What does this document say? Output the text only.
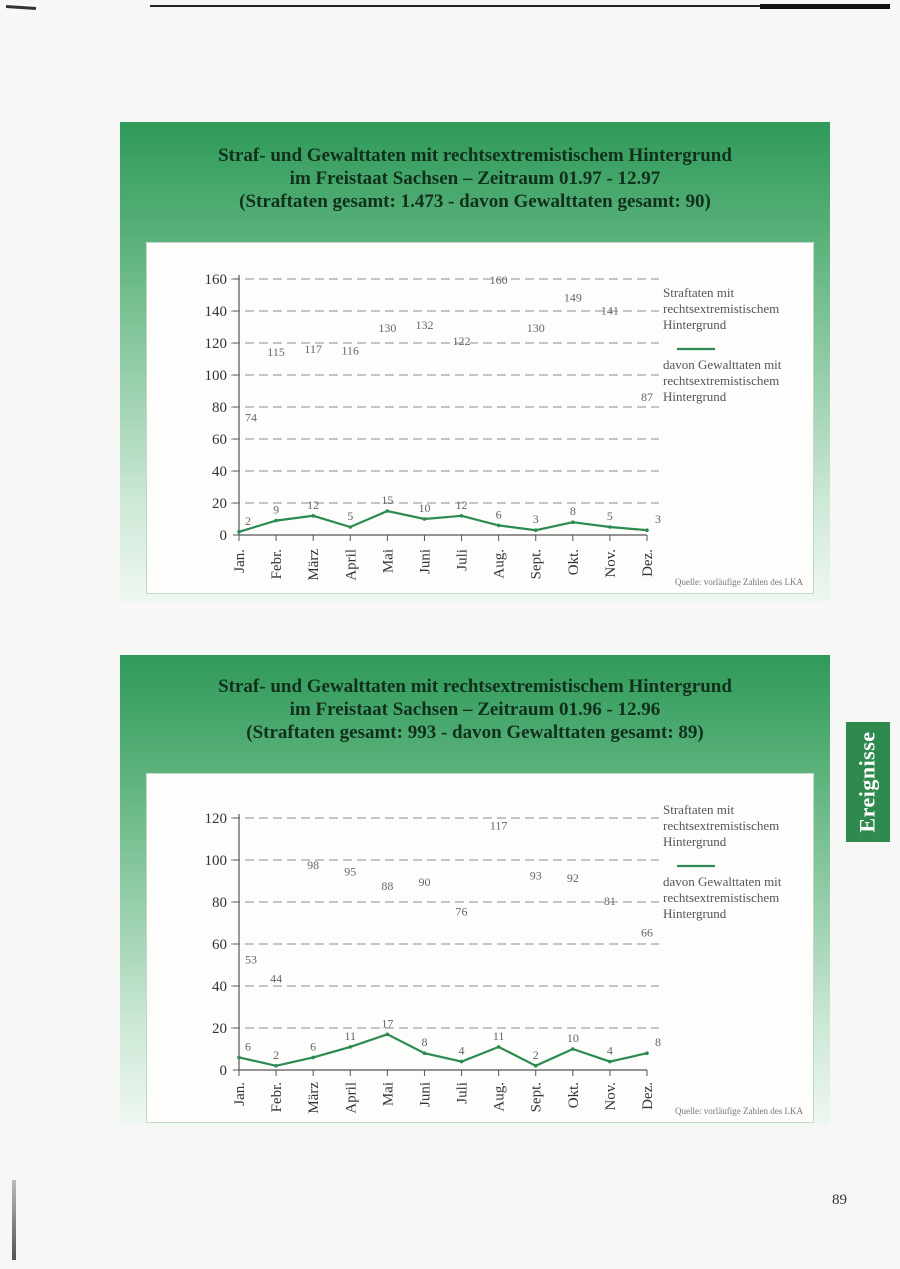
Straf- und Gewalttaten mit rechtsextremistischem Hintergrund
im Freistaat Sachsen – Zeitraum 01.97 - 12.97
(Straftaten gesamt: 1.473 - davon Gewalttaten gesamt: 90)
0
20
40
60
80
100
120
140
160
Jan. Febr. März April Mai Juni Juli Aug. Sept. Okt. Nov. Dez.
74
115 117 116
130 132
122
160
130
149
141
87
2
9 12
5
15
10 12
6	3
8	5	3
Straftaten mit rechtsextremistischem Hintergrund
davon Gewalttaten mit rechtsextremistischem Hintergrund
Quelle: vorläufige Zahlen des LKA
Straf- und Gewalttaten mit rechtsextremistischem Hintergrund
im Freistaat Sachsen – Zeitraum 01.96 - 12.96
(Straftaten gesamt: 993 - davon Gewalttaten gesamt: 89)
0
20
40
60
80
100
120
Jan. Febr. März April Mai Juni Juli Aug. Sept. Okt. Nov. Dez.
53
44
98 95
88 90
76
117
93 92
81
66
6
2
6
11
17
8
4
11
2
10
4
8
Straftaten mit rechtsextremistischem Hintergrund
davon Gewalttaten mit rechtsextremistischem Hintergrund
Quelle: vorläufige Zahlen des LKA
Ereignisse
89
